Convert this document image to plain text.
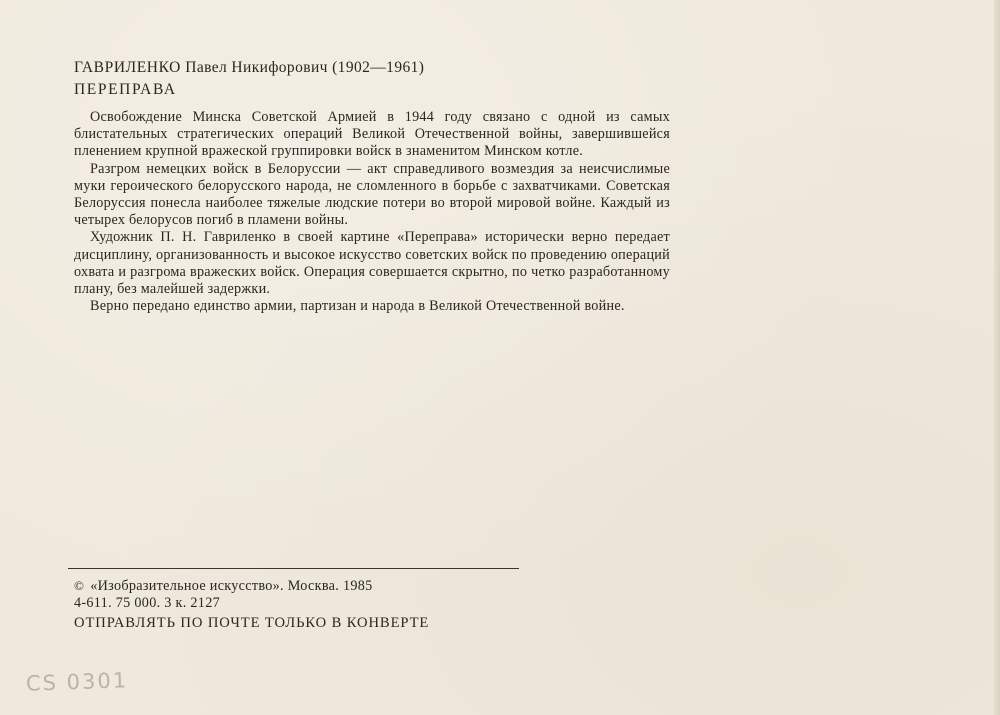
ГАВРИЛЕНКО Павел Никифорович (1902—1961)
ПЕРЕПРАВА

Освобождение Минска Советской Армией в 1944 году связано с одной из самых блистательных стратегических операций Великой Отечественной войны, завершившейся пленением крупной вражеской группировки войск в знаменитом Минском котле.

Разгром немецких войск в Белоруссии — акт справедливого возмездия за неисчислимые муки героического белорусского народа, не сломленного в борьбе с захватчиками. Советская Белоруссия понесла наиболее тяжелые людские потери во второй мировой войне. Каждый из четырех белорусов погиб в пламени войны.

Художник П. Н. Гавриленко в своей картине «Переправа» исторически верно передает дисциплину, организованность и высокое искусство советских войск по проведению операций охвата и разгрома вражеских войск. Операция совершается скрытно, по четко разработанному плану, без малейшей задержки.

Верно передано единство армии, партизан и народа в Великой Отечественной войне.

© «Изобразительное искусство». Москва. 1985
4-611. 75 000. 3 к. 2127
ОТПРАВЛЯТЬ ПО ПОЧТЕ ТОЛЬКО В КОНВЕРТЕ
CS 0301
